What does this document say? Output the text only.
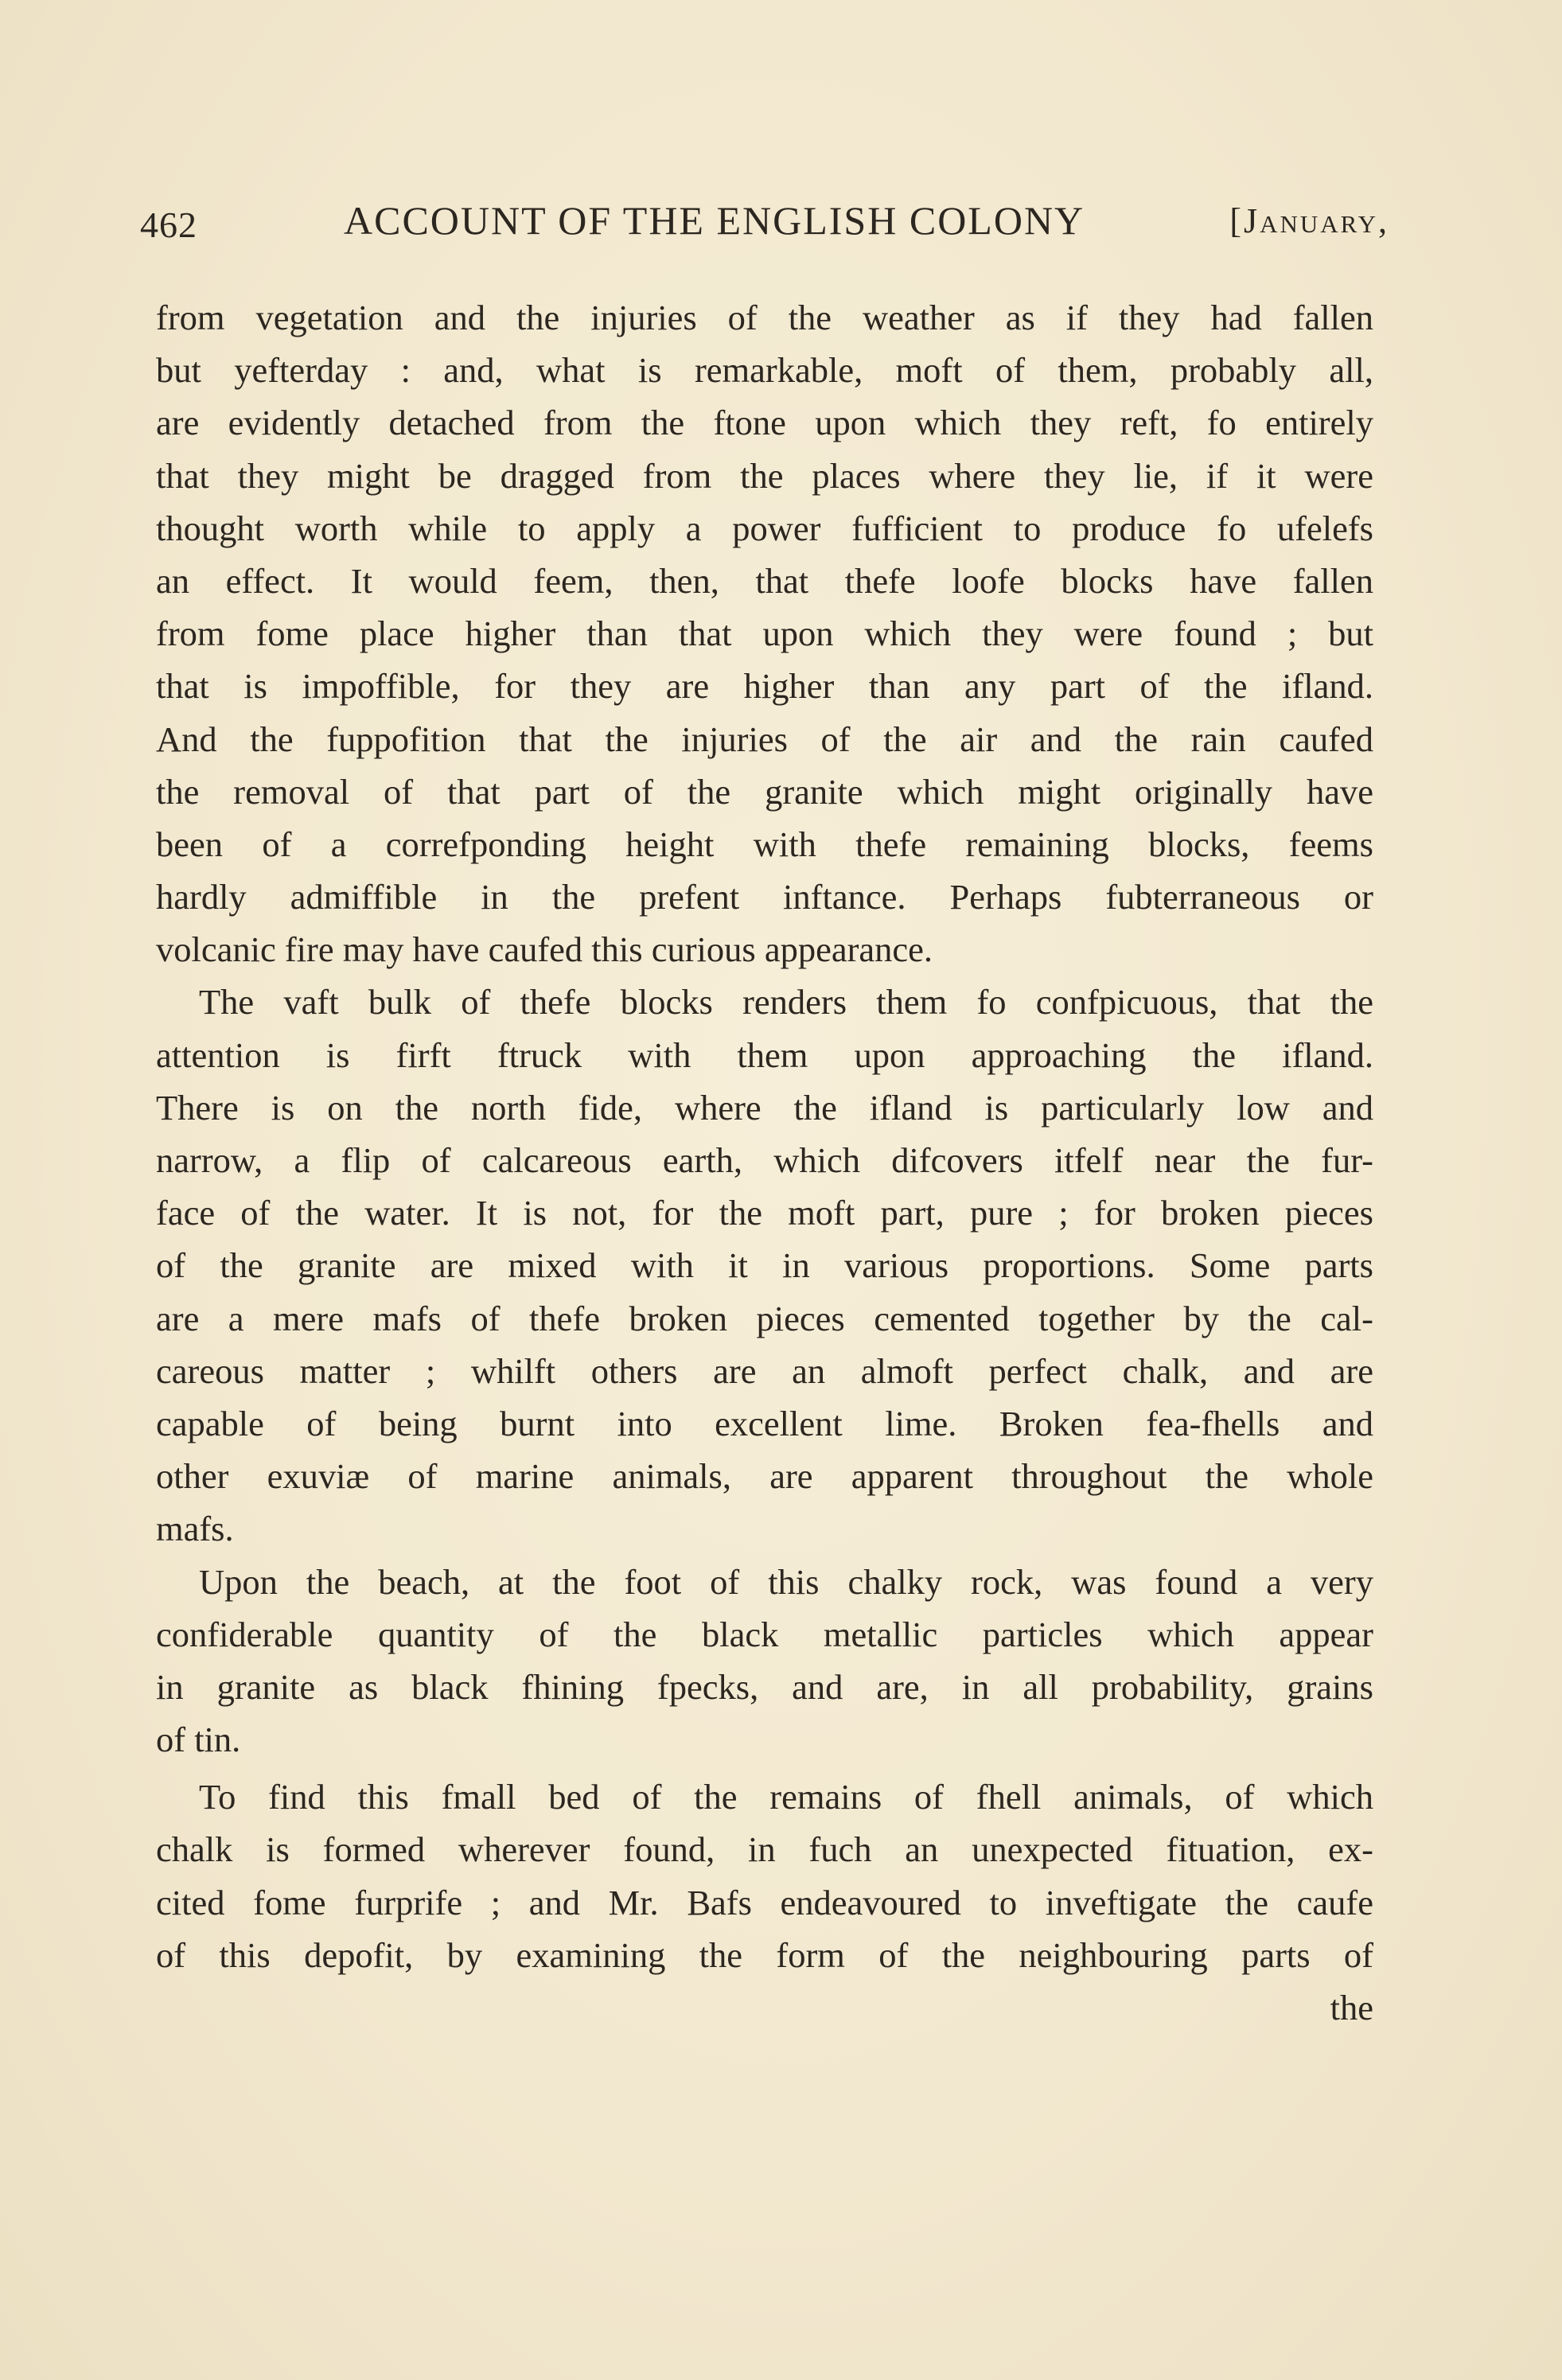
462	ACCOUNT OF THE ENGLISH COLONY	[January,
from vegetation and the injuries of the weather as if they had fallen
but yefterday : and, what is remarkable, moft of them, probably all,
are evidently detached from the ftone upon which they reft, fo entirely
that they might be dragged from the places where they lie, if it were
thought worth while to apply a power fufficient to produce fo ufelefs
an effect. It would feem, then, that thefe loofe blocks have fallen
from fome place higher than that upon which they were found ; but
that is impoffible, for they are higher than any part of the ifland.
And the fuppofition that the injuries of the air and the rain caufed
the removal of that part of the granite which might originally have
been of a correfponding height with thefe remaining blocks, feems
hardly admiffible in the prefent inftance. Perhaps fubterraneous or
volcanic fire may have caufed this curious appearance.
The vaft bulk of thefe blocks renders them fo confpicuous, that the
attention is firft ftruck with them upon approaching the ifland.
There is on the north fide, where the ifland is particularly low and
narrow, a flip of calcareous earth, which difcovers itfelf near the fur-
face of the water. It is not, for the moft part, pure ; for broken pieces
of the granite are mixed with it in various proportions. Some parts
are a mere mafs of thefe broken pieces cemented together by the cal-
careous matter ; whilft others are an almoft perfect chalk, and are
capable of being burnt into excellent lime. Broken fea-fhells and
other exuviæ of marine animals, are apparent throughout the whole
mafs.
Upon the beach, at the foot of this chalky rock, was found a very
confiderable quantity of the black metallic particles which appear
in granite as black fhining fpecks, and are, in all probability, grains
of tin.
To find this fmall bed of the remains of fhell animals, of which
chalk is formed wherever found, in fuch an unexpected fituation, ex-
cited fome furprife ; and Mr. Bafs endeavoured to inveftigate the caufe
of this depofit, by examining the form of the neighbouring parts of
the
